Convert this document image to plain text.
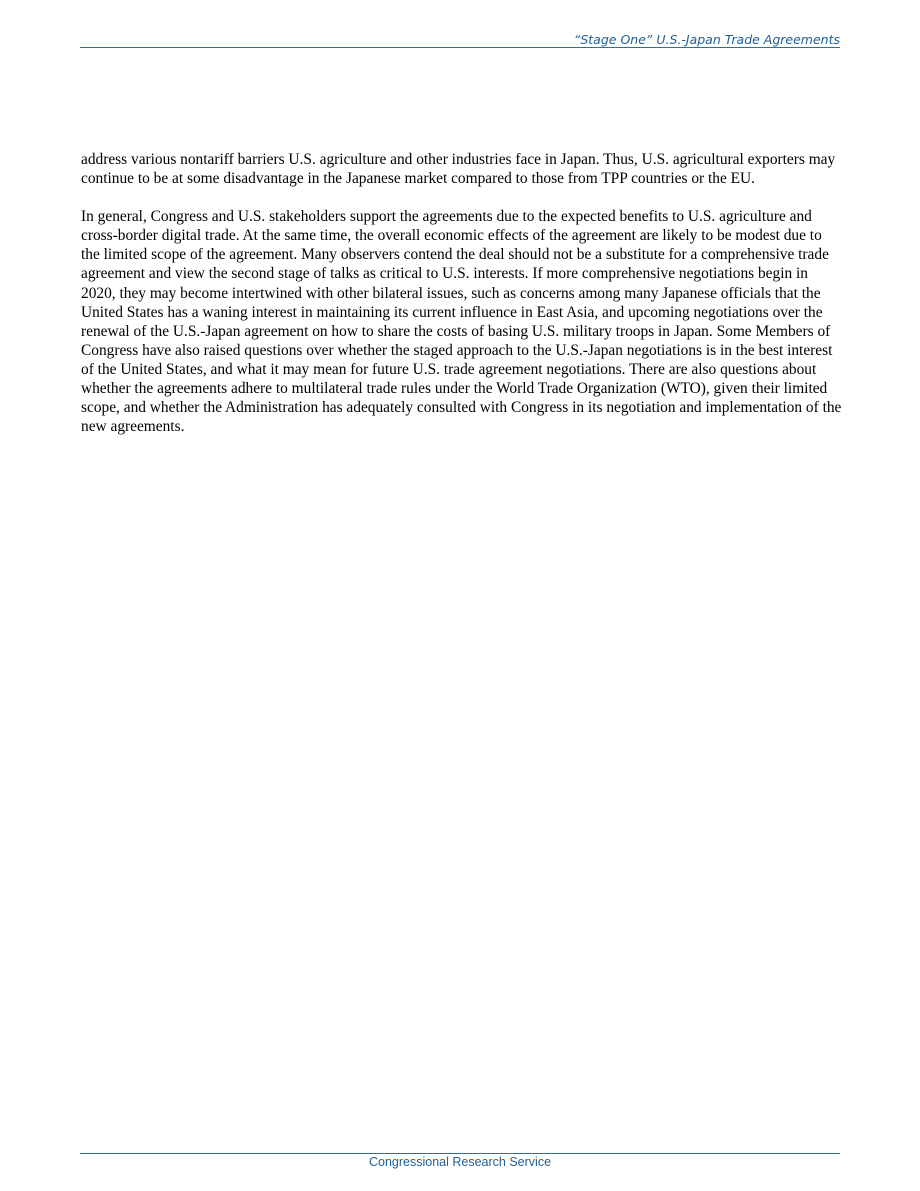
“Stage One” U.S.-Japan Trade Agreements

address various nontariff barriers U.S. agriculture and other industries face in Japan. Thus, U.S. agricultural exporters may continue to be at some disadvantage in the Japanese market compared to those from TPP countries or the EU.

In general, Congress and U.S. stakeholders support the agreements due to the expected benefits to U.S. agriculture and cross-border digital trade. At the same time, the overall economic effects of the agreement are likely to be modest due to the limited scope of the agreement. Many observers contend the deal should not be a substitute for a comprehensive trade agreement and view the second stage of talks as critical to U.S. interests. If more comprehensive negotiations begin in 2020, they may become intertwined with other bilateral issues, such as concerns among many Japanese officials that the United States has a waning interest in maintaining its current influence in East Asia, and upcoming negotiations over the renewal of the U.S.-Japan agreement on how to share the costs of basing U.S. military troops in Japan. Some Members of Congress have also raised questions over whether the staged approach to the U.S.-Japan negotiations is in the best interest of the United States, and what it may mean for future U.S. trade agreement negotiations. There are also questions about whether the agreements adhere to multilateral trade rules under the World Trade Organization (WTO), given their limited scope, and whether the Administration has adequately consulted with Congress in its negotiation and implementation of the new agreements.

Congressional Research Service
